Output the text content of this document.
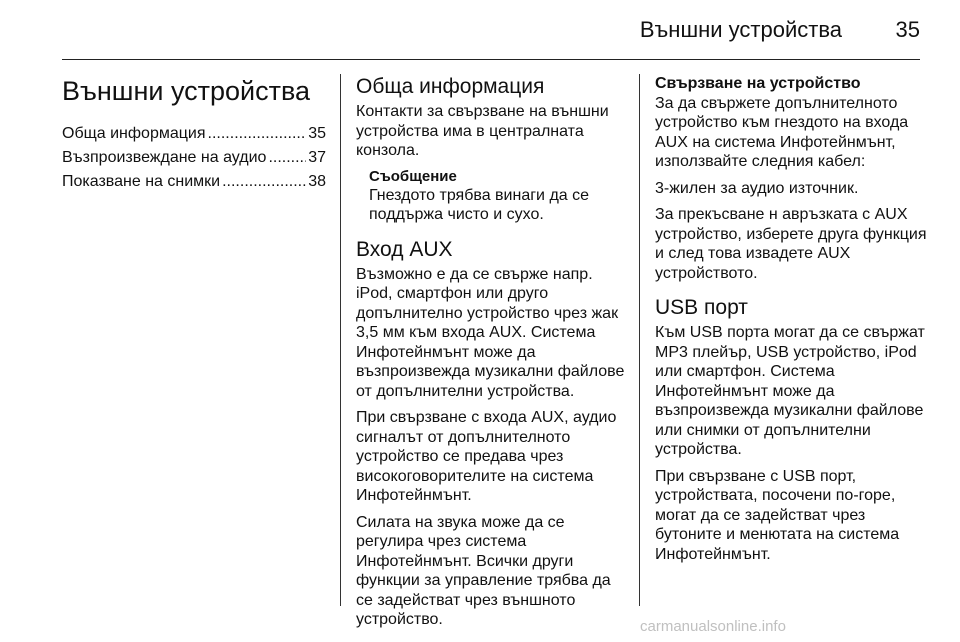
Външни устройства 35
Външни устройства
Обща информация .....	35
Възпроизвеждане на аудио .....	37
Показване на снимки .....	38
Обща информация

Контакти за свързване на външни устройства има в централната конзола.

Съобщение

Гнездото трябва винаги да се поддържа чисто и сухо.

Вход AUX

Възможно е да се свърже напр. iPod, смартфон или друго допълнително устройство чрез жак 3,5 мм към входа AUX. Система Инфотейнмънт може да възпроизвежда музикални файлове от допълнителни устройства.

При свързване с входа AUX, аудио сигналът от допълнителното устройство се предава чрез високоговорителите на система Инфотейнмънт.

Силата на звука може да се регулира чрез система Инфотейнмънт. Всички други функции за управление трябва да се задействат чрез външното устройство.

Свързване на устройство

За да свържете допълнителното устройство към гнездото на входа AUX на система Инфотейнмънт, използвайте следния кабел:

3-жилен за аудио източник.

За прекъсване н авръзката с AUX устройство, изберете друга функция и след това извадете AUX устройството.

USB порт

Към USB порта могат да се свържат MP3 плейър, USB устройство, iPod или смартфон. Система Инфотейнмънт може да възпроизвежда музикални файлове или снимки от допълнителни устройства.

При свързване с USB порт, устройствата, посочени по-горе, могат да се задействат чрез бутоните и менютата на система Инфотейнмънт.

carmanualsonline.info
